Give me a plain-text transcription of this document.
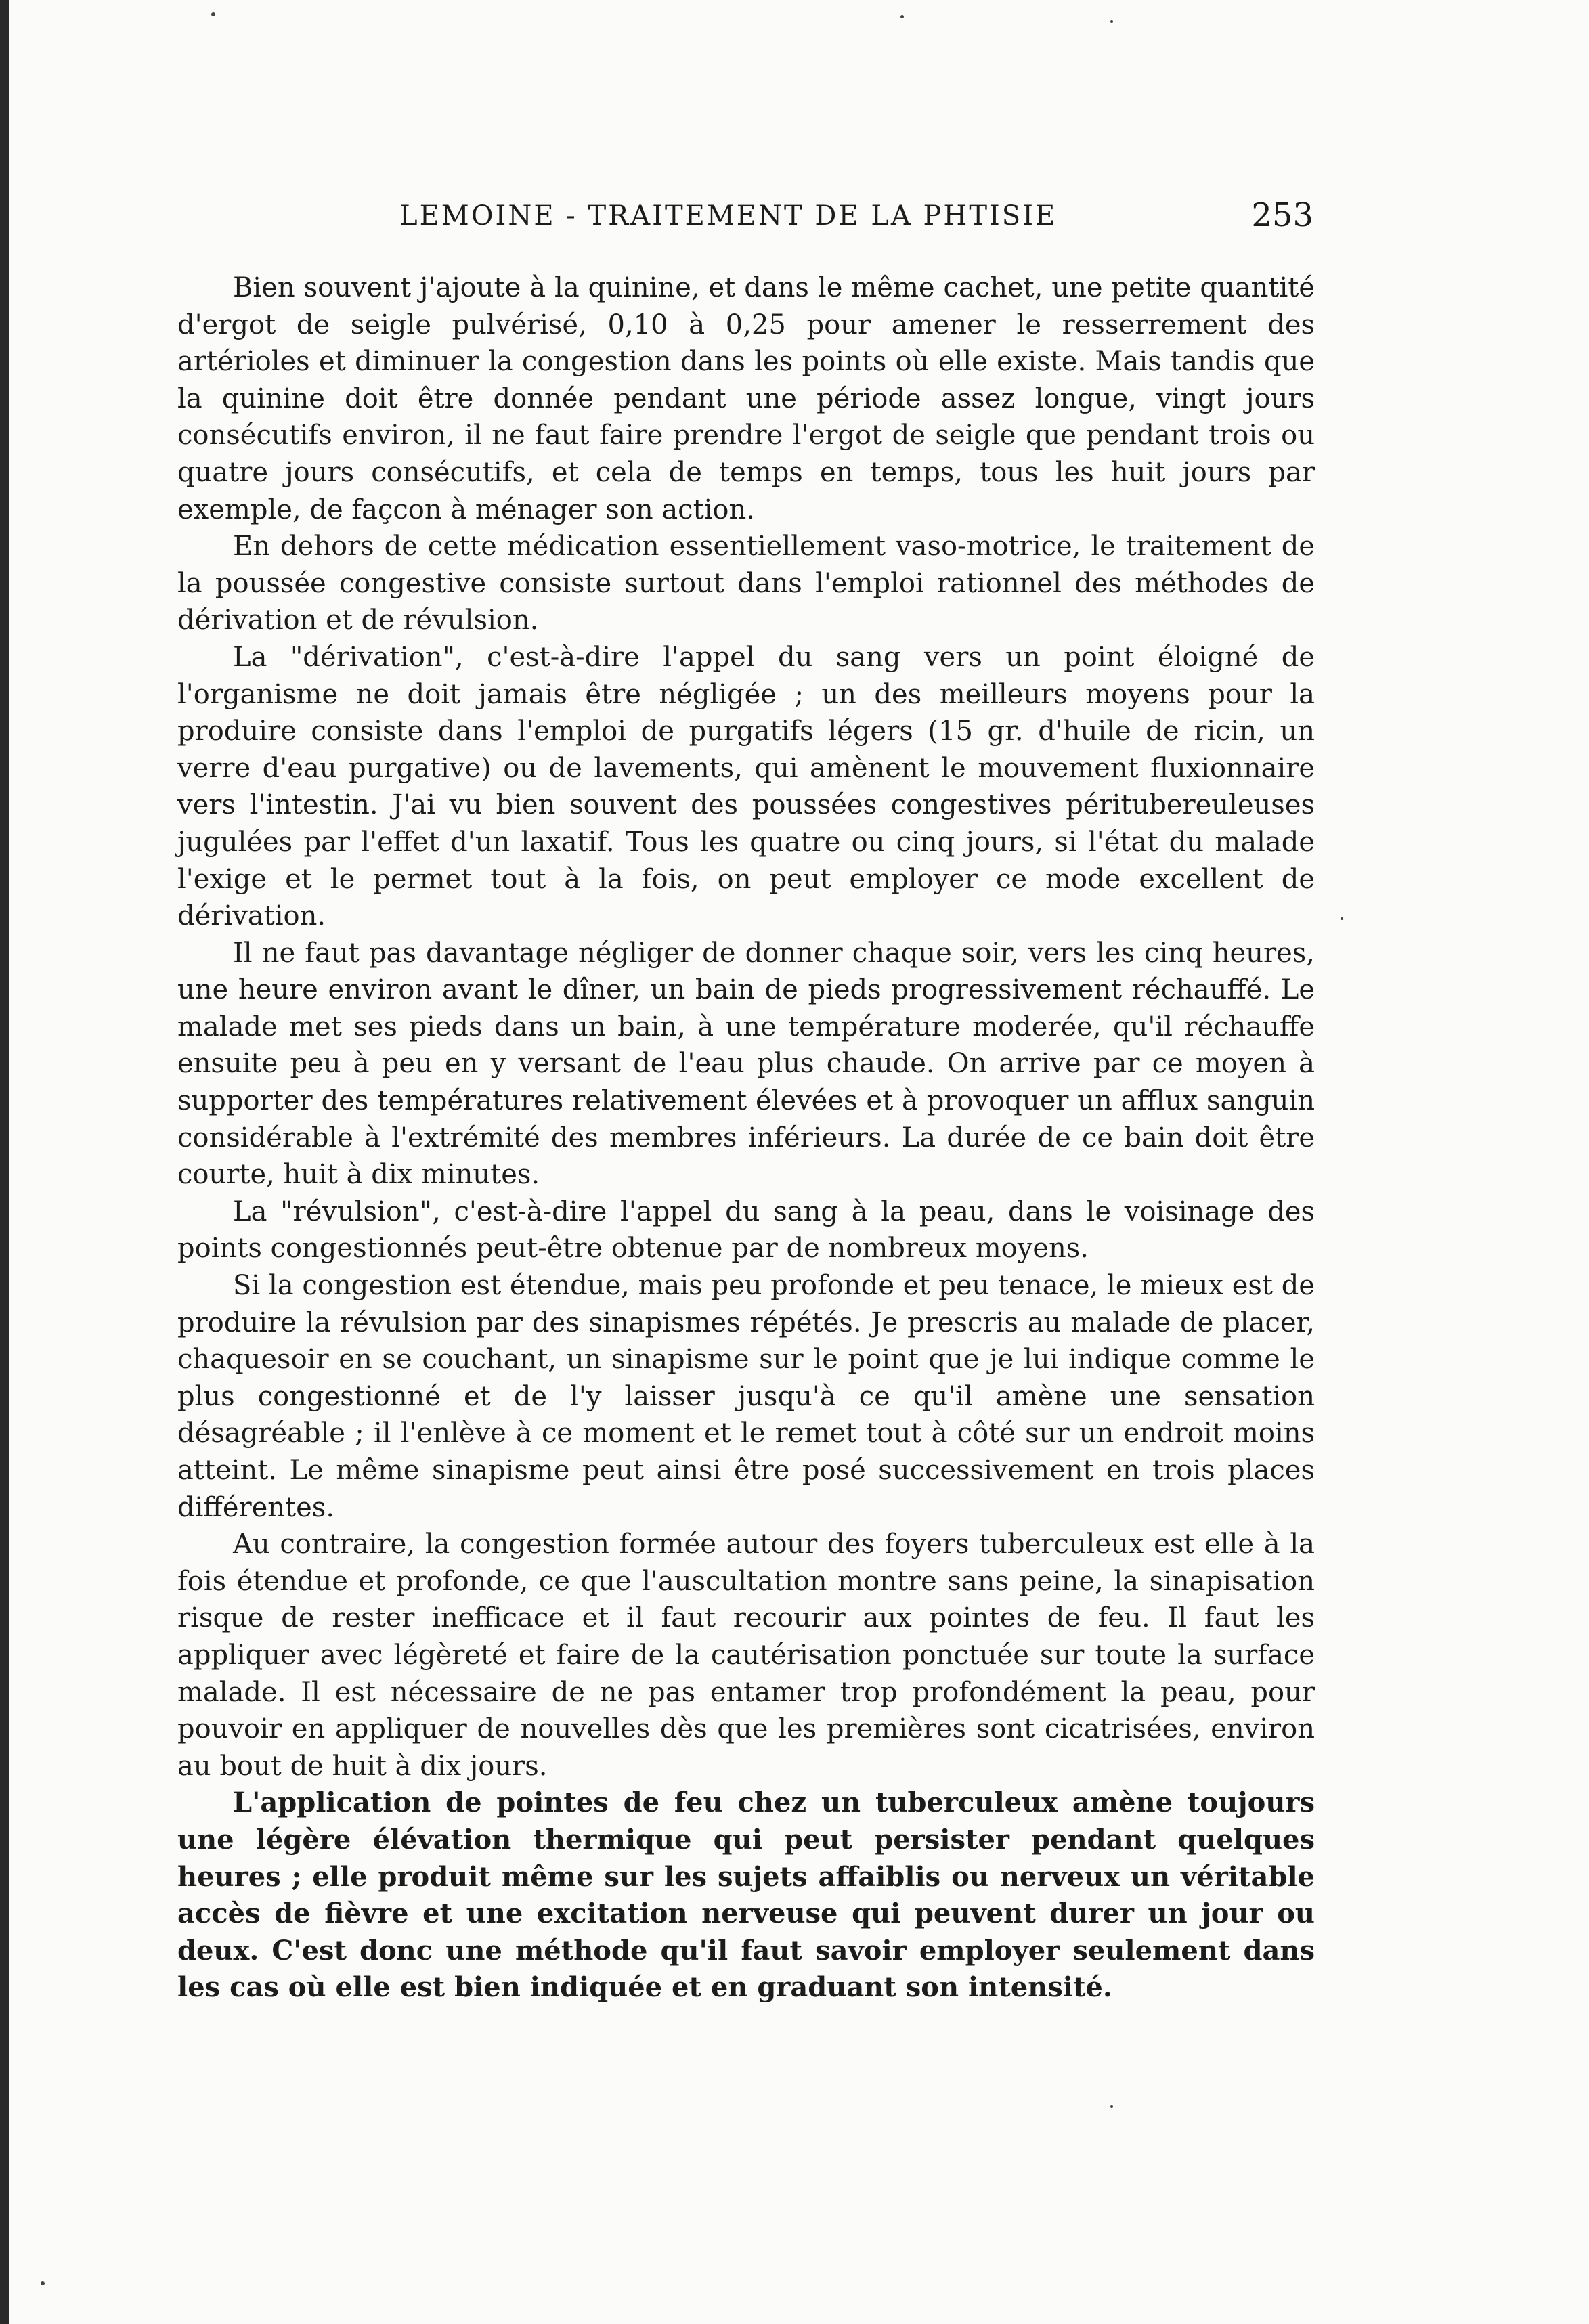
LEMOINE - TRAITEMENT DE LA PHTISIE	253

Bien souvent j'ajoute à la quinine, et dans le même cachet, une petite quantité d'ergot de seigle pulvérisé, 0,10 à 0,25 pour amener le resserrement des artérioles et diminuer la congestion dans les points où elle existe. Mais tandis que la quinine doit être donnée pendant une période assez longue, vingt jours consécutifs environ, il ne faut faire prendre l'ergot de seigle que pendant trois ou quatre jours consécutifs, et cela de temps en temps, tous les huit jours par exemple, de façcon à ménager son action.

En dehors de cette médication essentiellement vaso-motrice, le traitement de la poussée congestive consiste surtout dans l'emploi rationnel des méthodes de dérivation et de révulsion.

La "dérivation", c'est-à-dire l'appel du sang vers un point éloigné de l'organisme ne doit jamais être négligée ; un des meilleurs moyens pour la produire consiste dans l'emploi de purgatifs légers (15 gr. d'huile de ricin, un verre d'eau purgative) ou de lavements, qui amènent le mouvement fluxionnaire vers l'intestin. J'ai vu bien souvent des poussées congestives péritubereuleuses jugulées par l'effet d'un laxatif. Tous les quatre ou cinq jours, si l'état du malade l'exige et le permet tout à la fois, on peut employer ce mode excellent de dérivation.

Il ne faut pas davantage négliger de donner chaque soir, vers les cinq heures, une heure environ avant le dîner, un bain de pieds progressivement réchauffé. Le malade met ses pieds dans un bain, à une température moderée, qu'il réchauffe ensuite peu à peu en y versant de l'eau plus chaude. On arrive par ce moyen à supporter des températures relativement élevées et à provoquer un afflux sanguin considérable à l'extrémité des membres inférieurs. La durée de ce bain doit être courte, huit à dix minutes.

La "révulsion", c'est-à-dire l'appel du sang à la peau, dans le voisinage des points congestionnés peut-être obtenue par de nombreux moyens.

Si la congestion est étendue, mais peu profonde et peu tenace, le mieux est de produire la révulsion par des sinapismes répétés. Je prescris au malade de placer, chaquesoir en se couchant, un sinapisme sur le point que je lui indique comme le plus congestionné et de l'y laisser jusqu'à ce qu'il amène une sensation désagréable ; il l'enlève à ce moment et le remet tout à côté sur un endroit moins atteint. Le même sinapisme peut ainsi être posé successivement en trois places différentes.

Au contraire, la congestion formée autour des foyers tuberculeux est elle à la fois étendue et profonde, ce que l'auscultation montre sans peine, la sinapisation risque de rester inefficace et il faut recourir aux pointes de feu. Il faut les appliquer avec légèreté et faire de la cautérisation ponctuée sur toute la surface malade. Il est nécessaire de ne pas entamer trop profondément la peau, pour pouvoir en appliquer de nouvelles dès que les premières sont cicatrisées, environ au bout de huit à dix jours.

L'application de pointes de feu chez un tuberculeux amène toujours une légère élévation thermique qui peut persister pendant quelques heures ; elle produit même sur les sujets affaiblis ou nerveux un véritable accès de fièvre et une excitation nerveuse qui peuvent durer un jour ou deux. C'est donc une méthode qu'il faut savoir employer seulement dans les cas où elle est bien indiquée et en graduant son intensité.
